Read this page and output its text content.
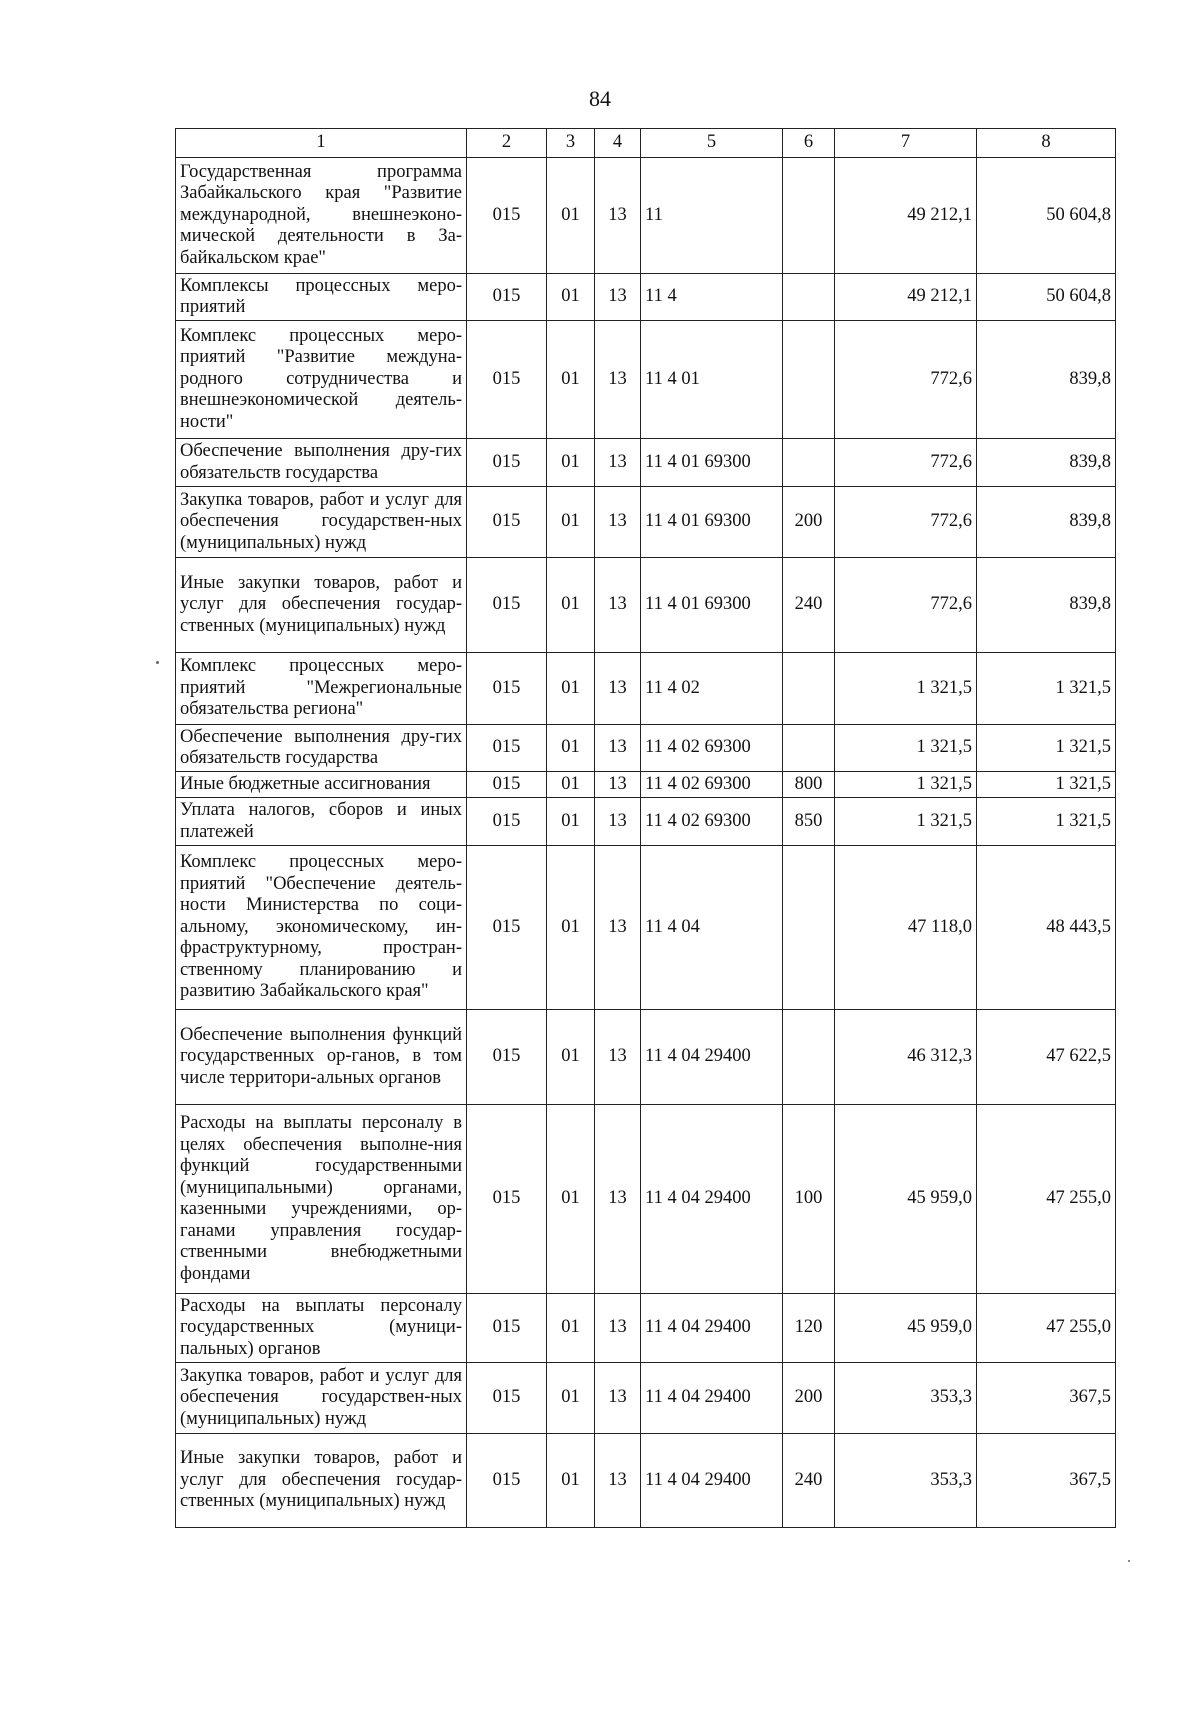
84
1	2	3	4	5	6	7	8
Государственная программа Забайкальского края "Развитие международной, внешнеэконо-мической деятельности в За-байкальском крае"	015	01	13	11		49 212,1	50 604,8
Комплексы процессных меро-приятий	015	01	13	11 4		49 212,1	50 604,8
Комплекс процессных меро-приятий "Развитие междуна-родного сотрудничества и внешнеэкономической деятель-ности"	015	01	13	11 4 01		772,6	839,8
Обеспечение выполнения дру-гих обязательств государства	015	01	13	11 4 01 69300		772,6	839,8
Закупка товаров, работ и услуг для обеспечения государствен-ных (муниципальных) нужд	015	01	13	11 4 01 69300	200	772,6	839,8
Иные закупки товаров, работ и услуг для обеспечения государ-ственных (муниципальных) нужд	015	01	13	11 4 01 69300	240	772,6	839,8
Комплекс процессных меро-приятий "Межрегиональные обязательства региона"	015	01	13	11 4 02		1 321,5	1 321,5
Обеспечение выполнения дру-гих обязательств государства	015	01	13	11 4 02 69300		1 321,5	1 321,5
Иные бюджетные ассигнования	015	01	13	11 4 02 69300	800	1 321,5	1 321,5
Уплата налогов, сборов и иных платежей	015	01	13	11 4 02 69300	850	1 321,5	1 321,5
Комплекс процессных меро-приятий "Обеспечение деятель-ности Министерства по соци-альному, экономическому, ин-фраструктурному, простран-ственному планированию и развитию Забайкальского края"	015	01	13	11 4 04		47 118,0	48 443,5
Обеспечение выполнения функций государственных ор-ганов, в том числе территори-альных органов	015	01	13	11 4 04 29400		46 312,3	47 622,5
Расходы на выплаты персоналу в целях обеспечения выполне-ния функций государственными (муниципальными) органами, казенными учреждениями, ор-ганами управления государ-ственными внебюджетными фондами	015	01	13	11 4 04 29400	100	45 959,0	47 255,0
Расходы на выплаты персоналу государственных (муници-пальных) органов	015	01	13	11 4 04 29400	120	45 959,0	47 255,0
Закупка товаров, работ и услуг для обеспечения государствен-ных (муниципальных) нужд	015	01	13	11 4 04 29400	200	353,3	367,5
Иные закупки товаров, работ и услуг для обеспечения государ-ственных (муниципальных) нужд	015	01	13	11 4 04 29400	240	353,3	367,5
